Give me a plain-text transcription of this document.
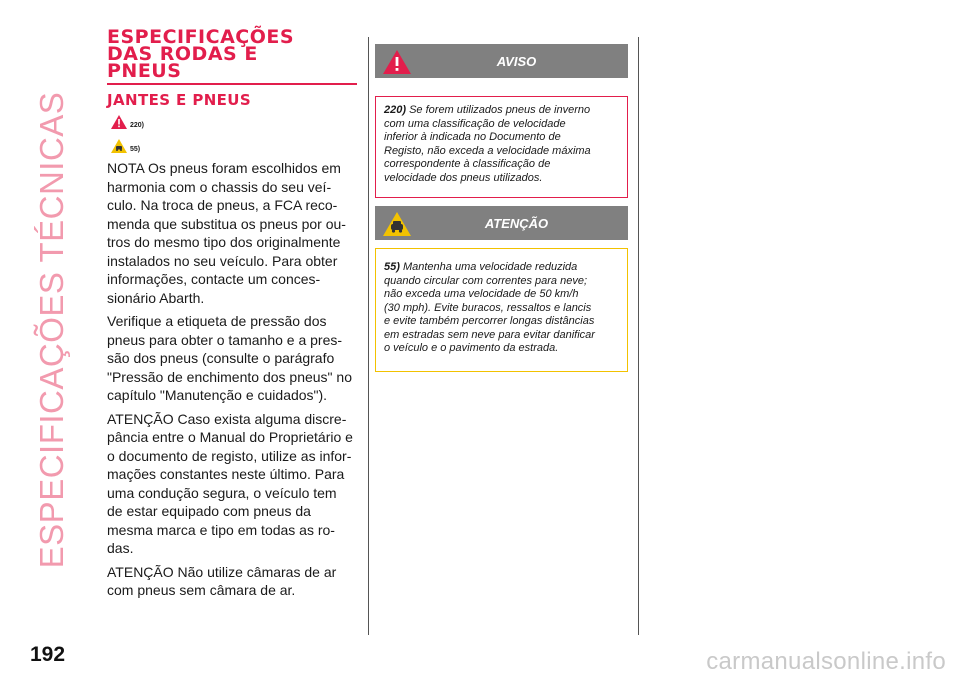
ESPECIFICAÇÕES TÉCNICAS
ESPECIFICAÇÕES
DAS RODAS E
PNEUS
JANTES E PNEUS
220)
55)

NOTA Os pneus foram escolhidos em
harmonia com o chassis do seu veí-
culo. Na troca de pneus, a FCA reco-
menda que substitua os pneus por ou-
tros do mesmo tipo dos originalmente
instalados no seu veículo. Para obter
informações, contacte um conces-
sionário Abarth.

Verifique a etiqueta de pressão dos
pneus para obter o tamanho e a pres-
são dos pneus (consulte o parágrafo
"Pressão de enchimento dos pneus" no
capítulo "Manutenção e cuidados").

ATENÇÃO Caso exista alguma discre-
pância entre o Manual do Proprietário e
o documento de registo, utilize as infor-
mações constantes neste último. Para
uma condução segura, o veículo tem
de estar equipado com pneus da
mesma marca e tipo em todas as ro-
das.

ATENÇÃO Não utilize câmaras de ar
com pneus sem câmara de ar.

AVISO
220) Se forem utilizados pneus de inverno
com uma classificação de velocidade
inferior à indicada no Documento de
Registo, não exceda a velocidade máxima
correspondente à classificação de
velocidade dos pneus utilizados.
ATENÇÃO
55) Mantenha uma velocidade reduzida
quando circular com correntes para neve;
não exceda uma velocidade de 50 km/h
(30 mph). Evite buracos, ressaltos e lancis
e evite também percorrer longas distâncias
em estradas sem neve para evitar danificar
o veículo e o pavimento da estrada.
192	carmanualsonline.info
